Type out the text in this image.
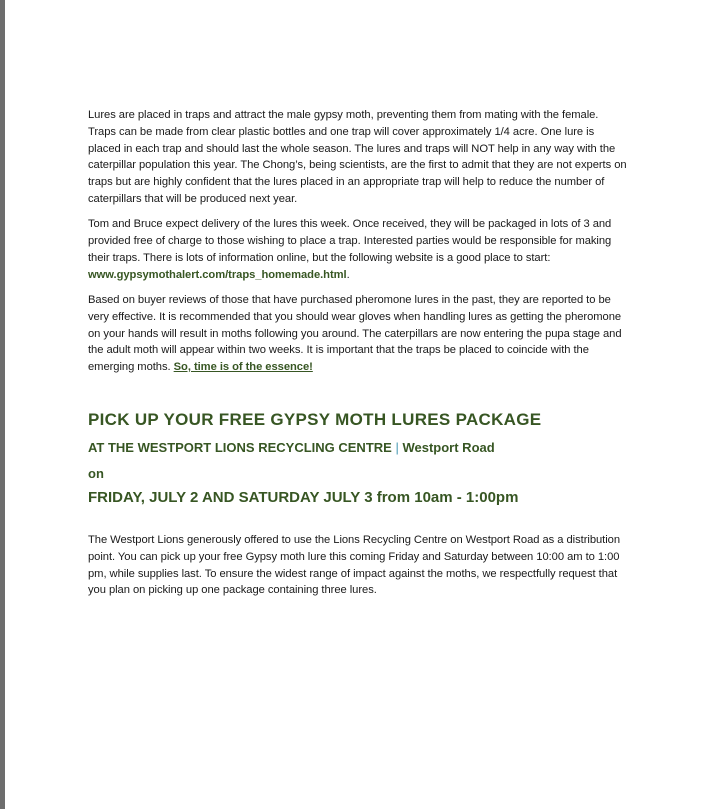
Lures are placed in traps and attract the male gypsy moth, preventing them from mating with the female. Traps can be made from clear plastic bottles and one trap will cover approximately 1/4 acre. One lure is placed in each trap and should last the whole season. The lures and traps will NOT help in any way with the caterpillar population this year. The Chong’s, being scientists, are the first to admit that they are not experts on traps but are highly confident that the lures placed in an appropriate trap will help to reduce the number of caterpillars that will be produced next year.

Tom and Bruce expect delivery of the lures this week. Once received, they will be packaged in lots of 3 and provided free of charge to those wishing to place a trap. Interested parties would be responsible for making their traps. There is lots of information online, but the following website is a good place to start: www.gypsymothalert.com/traps_homemade.html.

Based on buyer reviews of those that have purchased pheromone lures in the past, they are reported to be very effective. It is recommended that you should wear gloves when handling lures as getting the pheromone on your hands will result in moths following you around. The caterpillars are now entering the pupa stage and the adult moth will appear within two weeks. It is important that the traps be placed to coincide with the emerging moths. So, time is of the essence!

PICK UP YOUR FREE GYPSY MOTH LURES PACKAGE
AT THE WESTPORT LIONS RECYCLING CENTRE | Westport Road
on
FRIDAY, JULY 2 AND SATURDAY JULY 3 from 10am - 1:00pm

The Westport Lions generously offered to use the Lions Recycling Centre on Westport Road as a distribution point. You can pick up your free Gypsy moth lure this coming Friday and Saturday between 10:00 am to 1:00 pm, while supplies last. To ensure the widest range of impact against the moths, we respectfully request that you plan on picking up one package containing three lures.
